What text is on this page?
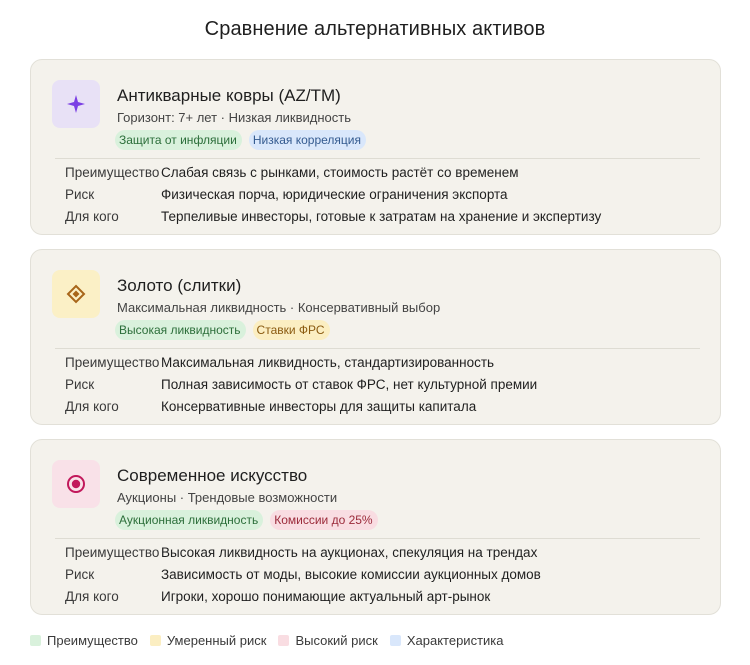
Сравнение альтернативных активов
Антикварные ковры (AZ/TM)
Горизонт: 7+ лет · Низкая ликвидность
Защита от инфляции	Низкая корреляция
Преимущество Слабая связь с рынками, стоимость растёт со временем
Риск	Физическая порча, юридические ограничения экспорта
Для кого	Терпеливые инвесторы, готовые к затратам на хранение и экспертизу
Золото (слитки)
Максимальная ликвидность · Консервативный выбор
Высокая ликвидность	Ставки ФРС
Преимущество Максимальная ликвидность, стандартизированность
Риск	Полная зависимость от ставок ФРС, нет культурной премии
Для кого	Консервативные инвесторы для защиты капитала
Современное искусство
Аукционы · Трендовые возможности
Аукционная ликвидность	Комиссии до 25%
Преимущество Высокая ликвидность на аукционах, спекуляция на трендах
Риск	Зависимость от моды, высокие комиссии аукционных домов
Для кого	Игроки, хорошо понимающие актуальный арт-рынок
Преимущество Умеренный риск Высокий риск Характеристика
